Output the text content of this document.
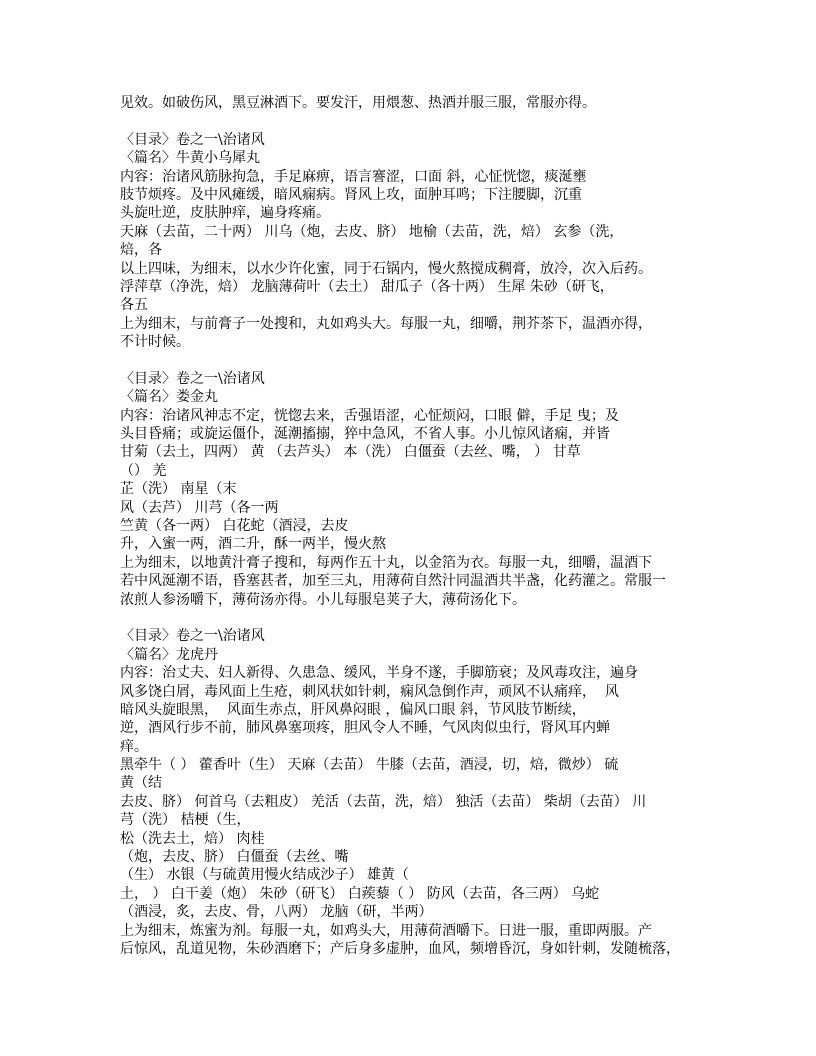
见效。如破伤风，黑豆淋酒下。要发汗，用煨葱、热酒并服三服，常服亦得。
〈目录〉卷之一\治诸风
〈篇名〉牛黄小乌犀丸
内容：治诸风筋脉拘急，手足麻痹，语言謇涩，口面 斜，心怔恍惚，痰涎壅
肢节烦疼。及中风瘫缓，暗风痫病。肾风上攻，面肿耳鸣；下注腰脚，沉重
头旋吐逆，皮肤肿痒，遍身疼痛。
天麻（去苗，二十两） 川乌（炮，去皮、脐） 地榆（去苗，洗，焙） 玄参（洗，
焙，各
以上四味，为细末，以水少许化蜜，同于石锅内，慢火熬搅成稠膏，放冷，次入后药。
浮萍草（净洗，焙） 龙脑薄荷叶（去土） 甜瓜子（各十两） 生犀 朱砂（研飞，
各五
上为细末，与前膏子一处搜和，丸如鸡头大。每服一丸，细嚼，荆芥茶下，温酒亦得，
不计时候。
〈目录〉卷之一\治诸风
〈篇名〉娄金丸
内容：治诸风神志不定，恍惚去来，舌强语涩，心怔烦闷，口眼 僻，手足 曳；及
头目昏痛；或旋运僵仆，涎潮搐搦，猝中急风，不省人事。小儿惊风诸痫，并皆
甘菊（去土，四两） 黄 （去芦头） 本（洗） 白僵蚕（去丝、嘴， ） 甘草
（） 羌
芷（洗） 南星（末
风（去芦） 川芎（各一两
竺黄（各一两） 白花蛇（酒浸，去皮
升，入蜜一两，酒二升，酥一两半，慢火熬
上为细末，以地黄汁膏子搜和，每两作五十丸，以金箔为衣。每服一丸，细嚼，温酒下
若中风涎潮不语，昏塞甚者，加至三丸，用薄荷自然汁同温酒共半盏，化药灌之。常服一
浓煎人参汤嚼下，薄荷汤亦得。小儿每服皂荚子大，薄荷汤化下。
〈目录〉卷之一\治诸风
〈篇名〉龙虎丹
内容：治丈夫、妇人新得、久患急、缓风，半身不遂，手脚筋衰；及风毒攻注，遍身
风多饶白屑，毒风面上生疮，刺风状如针刺，痫风急倒作声，顽风不认痛痒，  风
暗风头旋眼黑，  风面生赤点，肝风鼻闷眼 ，偏风口眼 斜，节风肢节断续，
逆，酒风行步不前，肺风鼻塞项疼，胆风令人不睡，气风肉似虫行，肾风耳内蝉
痒。
黑牵牛（ ） 藿香叶（生） 天麻（去苗） 牛膝（去苗，酒浸，切，焙，微炒） 硫
黄（结
去皮、脐） 何首乌（去粗皮） 羌活（去苗，洗，焙） 独活（去苗） 柴胡（去苗） 川
芎（洗） 桔梗（生，
松（洗去土，焙） 肉桂
（炮，去皮、脐） 白僵蚕（去丝、嘴
（生） 水银（与硫黄用慢火结成沙子） 雄黄（
土， ） 白干姜（炮） 朱砂（研飞） 白蒺藜（ ） 防风（去苗，各三两） 乌蛇
（酒浸，炙，去皮、骨，八两） 龙脑（研，半两）
上为细末，炼蜜为剂。每服一丸，如鸡头大，用薄荷酒嚼下。日进一服，重即两服。产
后惊风，乱道见物，朱砂酒磨下；产后身多虚肿，血风，频增昏沉，身如针刺，发随梳落，
